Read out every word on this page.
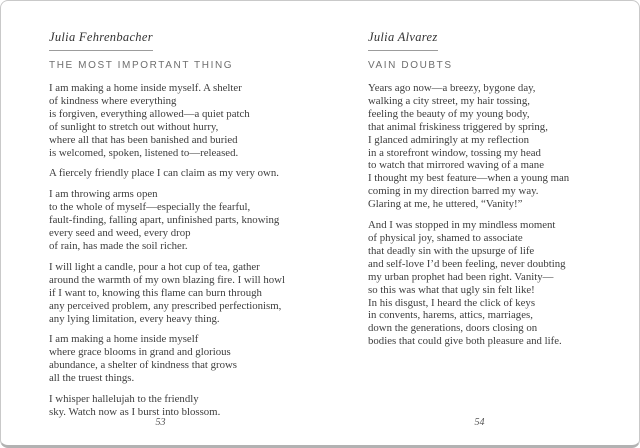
Julia Fehrenbacher
THE MOST IMPORTANT THING
I am making a home inside myself. A shelter
of kindness where everything
is forgiven, everything allowed—a quiet patch
of sunlight to stretch out without hurry,
where all that has been banished and buried
is welcomed, spoken, listened to—released.
A fiercely friendly place I can claim as my very own.
I am throwing arms open
to the whole of myself—especially the fearful,
fault-finding, falling apart, unfinished parts, knowing
every seed and weed, every drop
of rain, has made the soil richer.
I will light a candle, pour a hot cup of tea, gather
around the warmth of my own blazing fire. I will howl
if I want to, knowing this flame can burn through
any perceived problem, any prescribed perfectionism,
any lying limitation, every heavy thing.
I am making a home inside myself
where grace blooms in grand and glorious
abundance, a shelter of kindness that grows
all the truest things.
I whisper hallelujah to the friendly
sky. Watch now as I burst into blossom.
53
Julia Alvarez
VAIN DOUBTS
Years ago now—a breezy, bygone day,
walking a city street, my hair tossing,
feeling the beauty of my young body,
that animal friskiness triggered by spring,
I glanced admiringly at my reflection
in a storefront window, tossing my head
to watch that mirrored waving of a mane
I thought my best feature—when a young man
coming in my direction barred my way.
Glaring at me, he uttered, “Vanity!”
And I was stopped in my mindless moment
of physical joy, shamed to associate
that deadly sin with the upsurge of life
and self-love I’d been feeling, never doubting
my urban prophet had been right. Vanity—
so this was what that ugly sin felt like!
In his disgust, I heard the click of keys
in convents, harems, attics, marriages,
down the generations, doors closing on
bodies that could give both pleasure and life.
54
